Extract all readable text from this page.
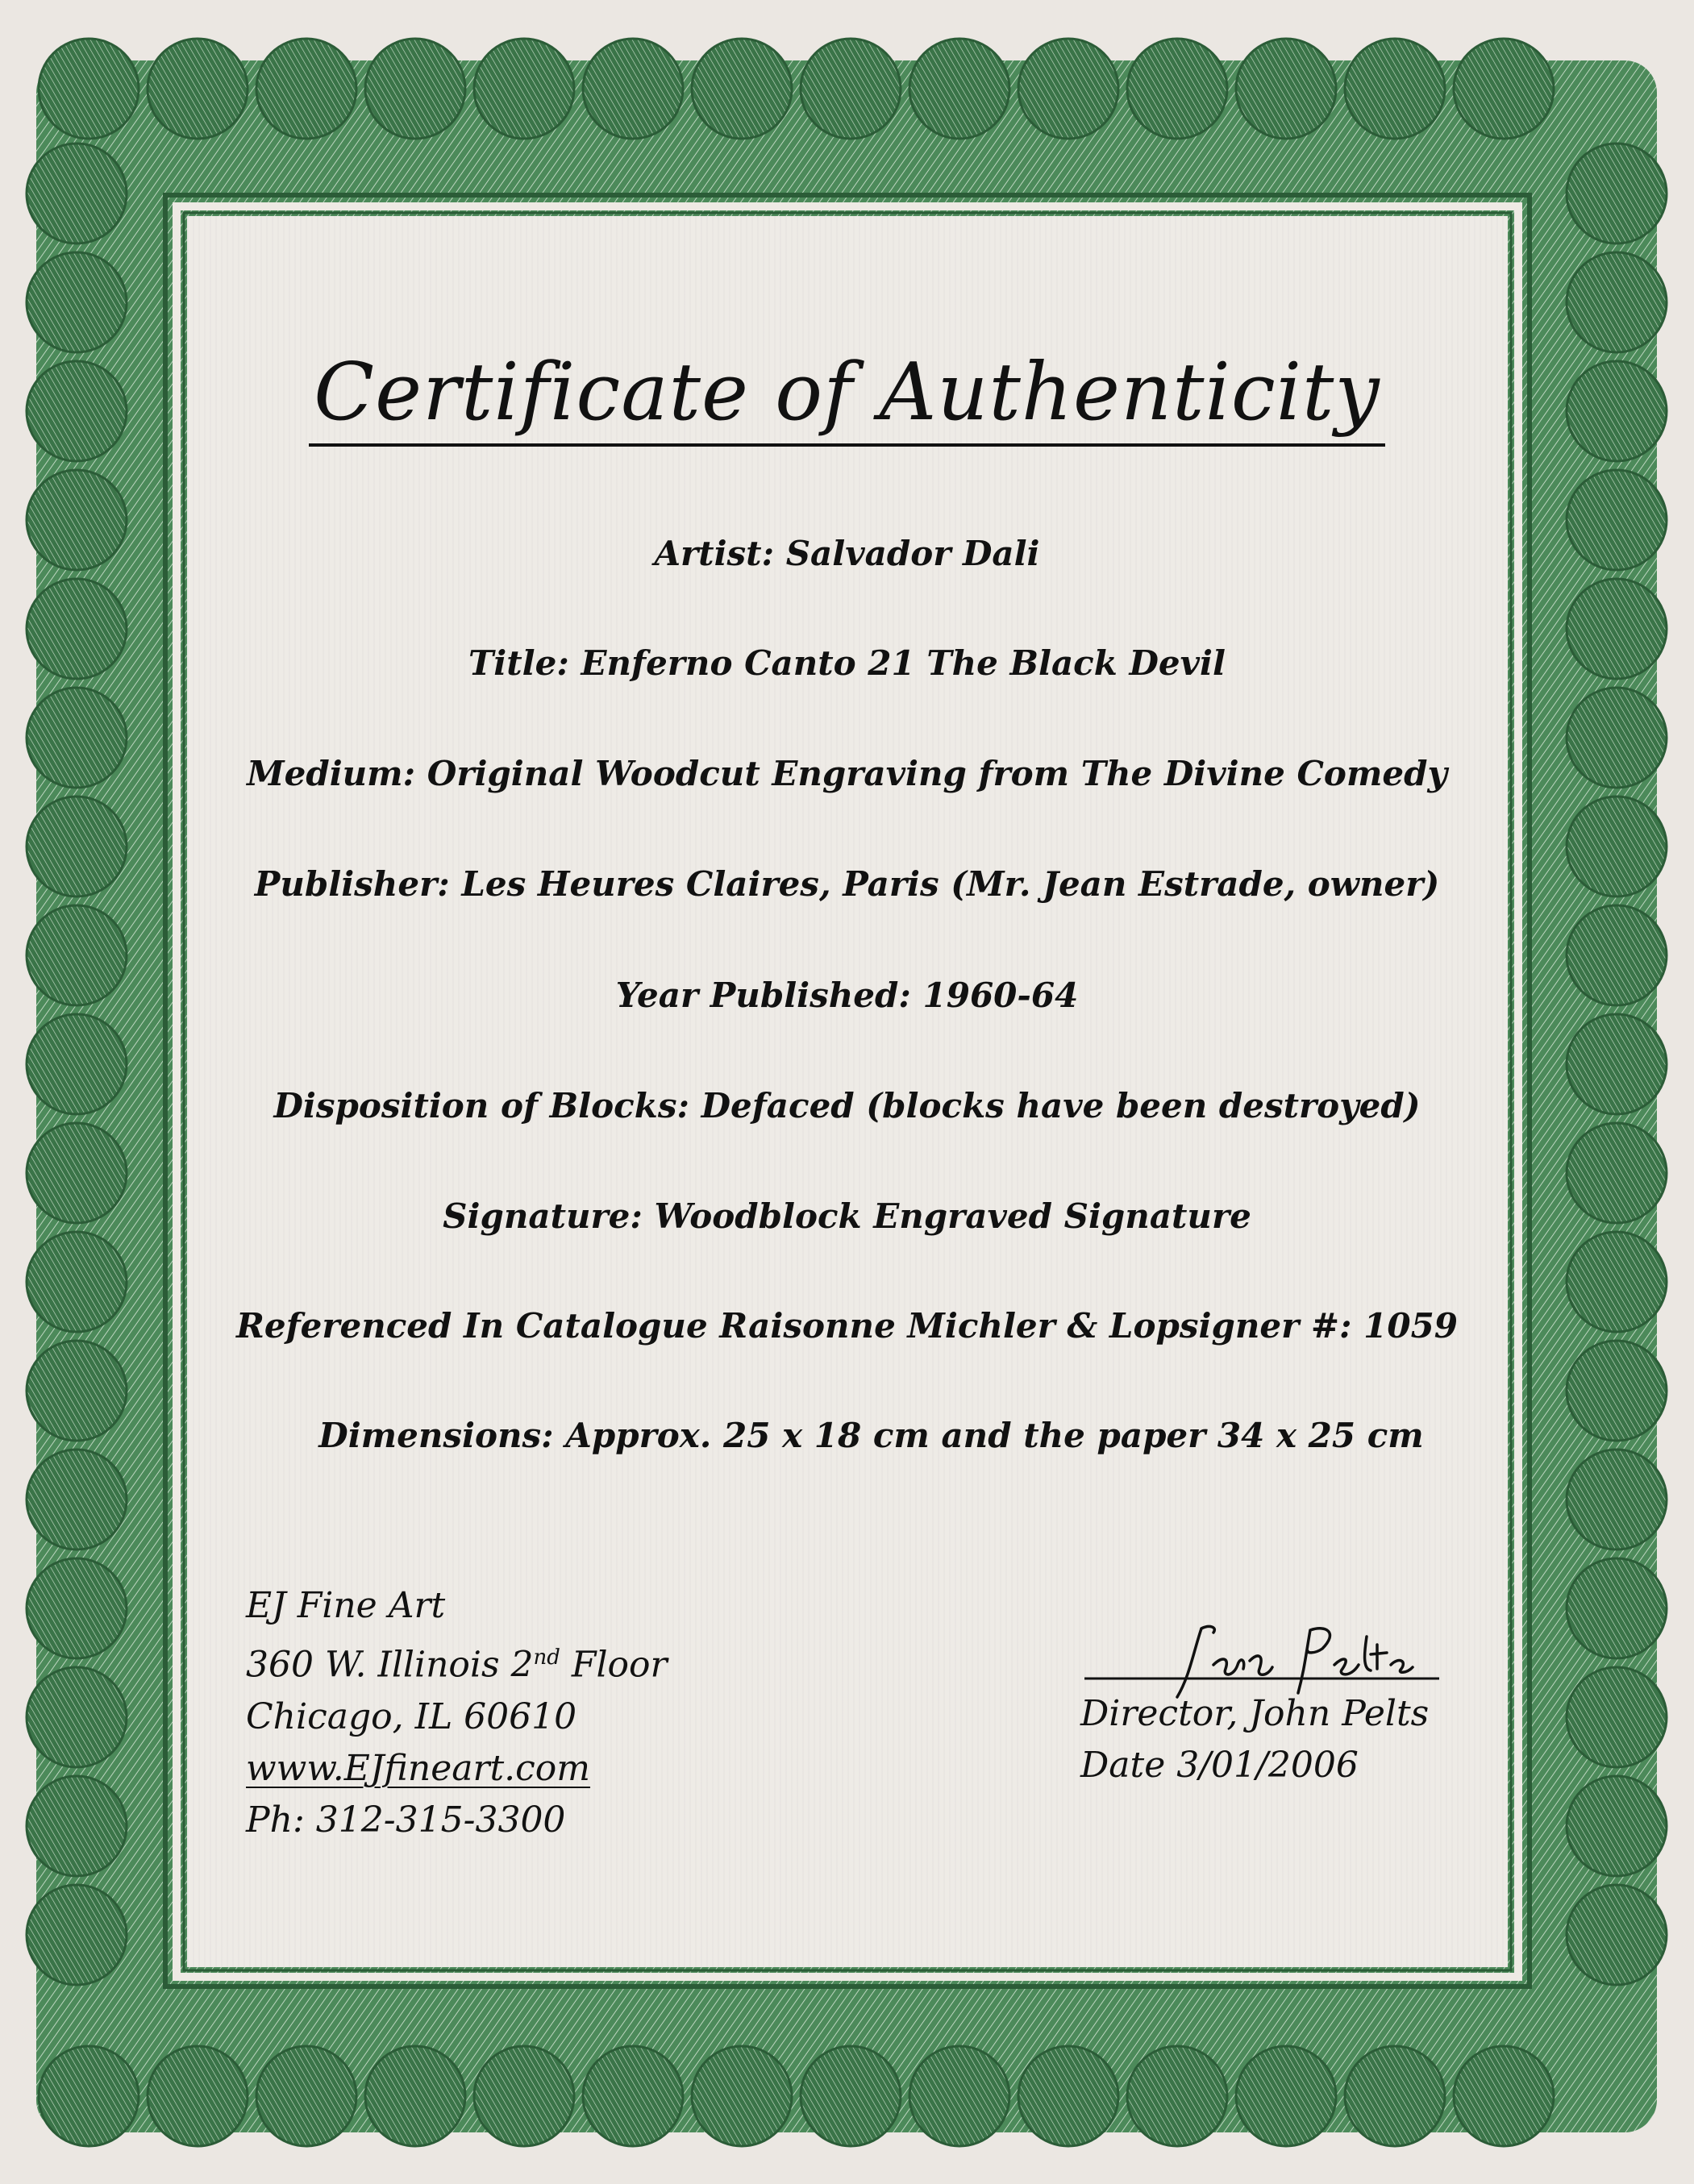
Certificate of Authenticity
Artist: Salvador Dali
Title: Enferno Canto 21 The Black Devil
Medium: Original Woodcut Engraving from The Divine Comedy
Publisher: Les Heures Claires, Paris (Mr. Jean Estrade, owner)
Year Published: 1960-64
Disposition of Blocks: Defaced (blocks have been destroyed)
Signature: Woodblock Engraved Signature
Referenced In Catalogue Raisonne Michler & Lopsigner #: 1059
Dimensions: Approx. 25 x 18 cm and the paper 34 x 25 cm
EJ Fine Art
360 W. Illinois 2nd Floor
Chicago, IL 60610
www.EJfineart.com
Ph: 312-315-3300
Director, John Pelts
Date 3/01/2006
